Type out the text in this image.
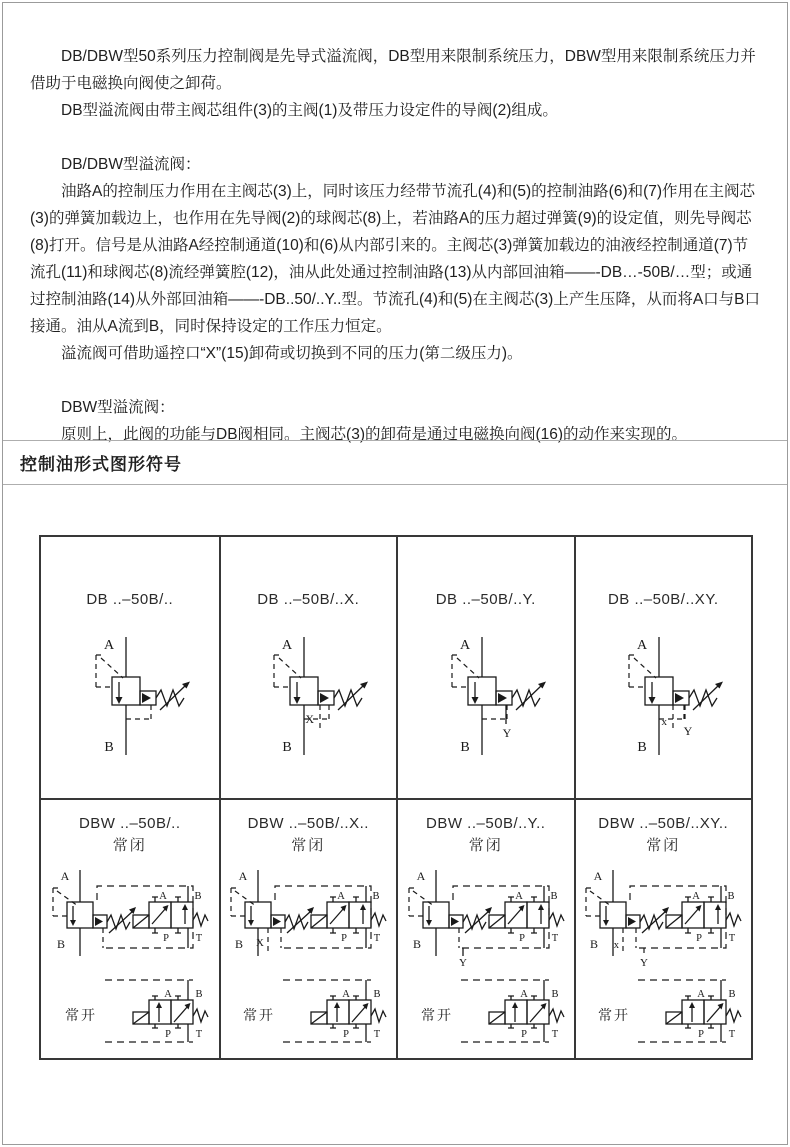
DB/DBW型50系列压力控制阀是先导式溢流阀，DB型用来限制系统压力，DBW型用来限制系统压力并借助于电磁换向阀使之卸荷。

DB型溢流阀由带主阀芯组件(3)的主阀(1)及带压力设定件的导阀(2)组成。

DB/DBW型溢流阀：

油路A的控制压力作用在主阀芯(3)上，同时该压力经带节流孔(4)和(5)的控制油路(6)和(7)作用在主阀芯(3)的弹簧加载边上，也作用在先导阀(2)的球阀芯(8)上，若油路A的压力超过弹簧(9)的设定值，则先导阀芯(8)打开。信号是从油路A经控制通道(10)和(6)从内部引来的。主阀芯(3)弹簧加载边的油液经控制通道(7)节流孔(11)和球阀芯(8)流经弹簧腔(12)，油从此处通过控制油路(13)从内部回油箱——-DB…-50B/…型；或通过控制油路(14)从外部回油箱——-DB..50/..Y..型。节流孔(4)和(5)在主阀芯(3)上产生压降，从而将A口与B口接通。油从A流到B，同时保持设定的工作压力恒定。

溢流阀可借助遥控口“X”(15)卸荷或切换到不同的压力(第二级压力)。

DBW型溢流阀：

原则上，此阀的功能与DB阀相同。主阀芯(3)的卸荷是通过电磁换向阀(16)的动作来实现的。

控制油形式图形符号
DB ..–50B/..	DB ..–50B/..X.
X
DB ..–50B/..Y.
Y
DB ..–50B/..XY.
x
Y
DBW ..–50B/..
常闭
常开
DBW ..–50B/..X..
常闭
X
常开
DBW ..–50B/..Y..
常闭
Y
常开
DBW ..–50B/..XY..
常闭
x
Y
常开
